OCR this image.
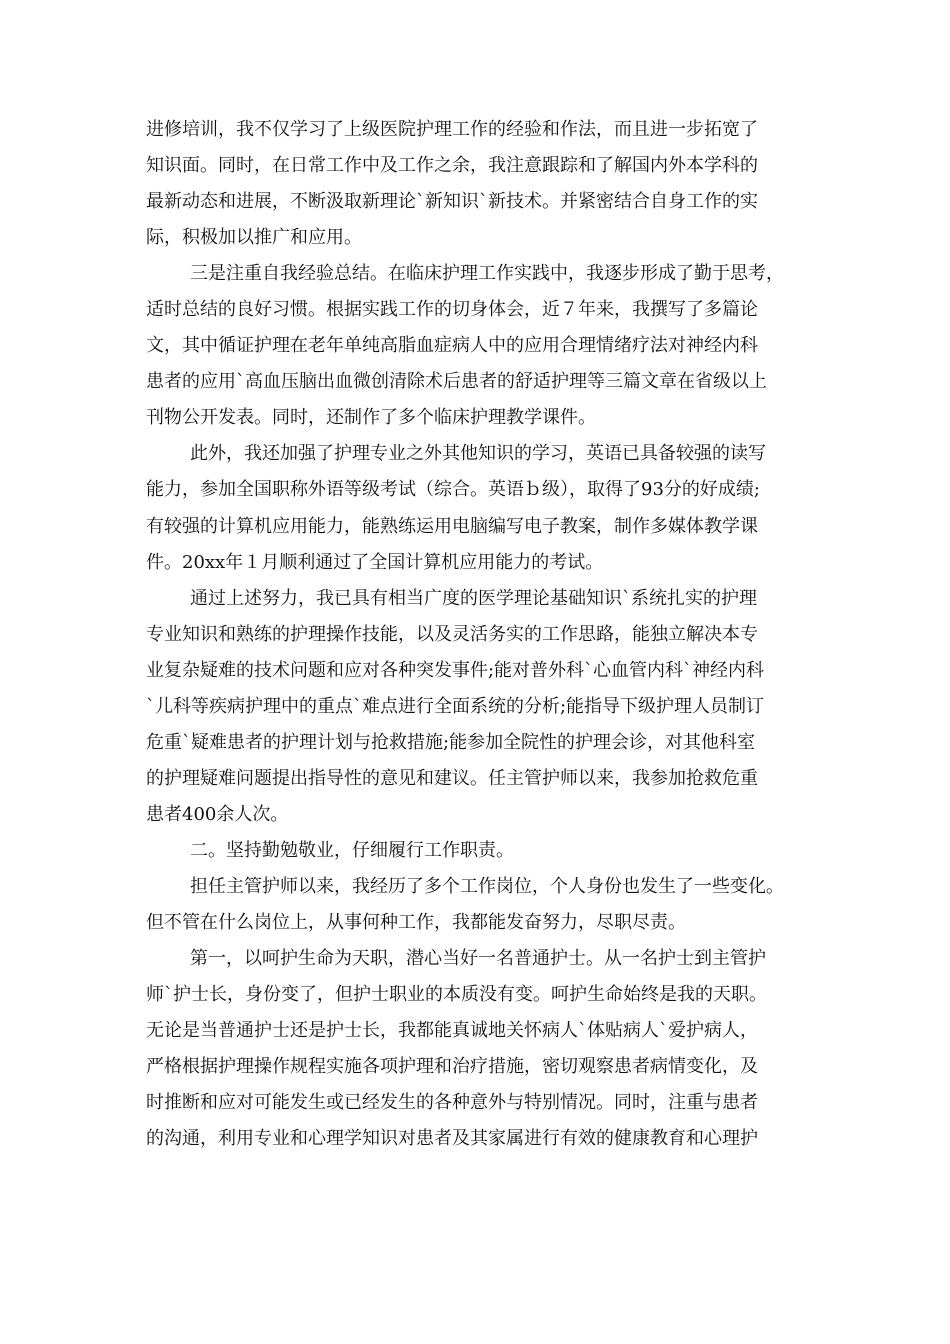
进修培训，我不仅学习了上级医院护理工作的经验和作法，而且进一步拓宽了
知识面。同时，在日常工作中及工作之余，我注意跟踪和了解国内外本学科的
最新动态和进展，不断汲取新理论`新知识`新技术。并紧密结合自身工作的实
际，积极加以推广和应用。
三是注重自我经验总结。在临床护理工作实践中，我逐步形成了勤于思考，
适时总结的良好习惯。根据实践工作的切身体会，近７年来，我撰写了多篇论
文，其中循证护理在老年单纯高脂血症病人中的应用合理情绪疗法对神经内科
患者的应用`高血压脑出血微创清除术后患者的舒适护理等三篇文章在省级以上
刊物公开发表。同时，还制作了多个临床护理教学课件。
此外，我还加强了护理专业之外其他知识的学习，英语已具备较强的读写
能力，参加全国职称外语等级考试（综合。英语ｂ级），取得了93分的好成绩;
有较强的计算机应用能力，能熟练运用电脑编写电子教案，制作多媒体教学课
件。20xx年１月顺利通过了全国计算机应用能力的考试。
通过上述努力，我已具有相当广度的医学理论基础知识`系统扎实的护理
专业知识和熟练的护理操作技能，以及灵活务实的工作思路，能独立解决本专
业复杂疑难的技术问题和应对各种突发事件;能对普外科`心血管内科`神经内科
`儿科等疾病护理中的重点`难点进行全面系统的分析;能指导下级护理人员制订
危重`疑难患者的护理计划与抢救措施;能参加全院性的护理会诊，对其他科室
的护理疑难问题提出指导性的意见和建议。任主管护师以来，我参加抢救危重
患者400余人次。
二。坚持勤勉敬业，仔细履行工作职责。
担任主管护师以来，我经历了多个工作岗位，个人身份也发生了一些变化。
但不管在什么岗位上，从事何种工作，我都能发奋努力，尽职尽责。
第一，以呵护生命为天职，潜心当好一名普通护士。从一名护士到主管护
师`护士长，身份变了，但护士职业的本质没有变。呵护生命始终是我的天职。
无论是当普通护士还是护士长，我都能真诚地关怀病人`体贴病人`爱护病人，
严格根据护理操作规程实施各项护理和治疗措施，密切观察患者病情变化，及
时推断和应对可能发生或已经发生的各种意外与特别情况。同时，注重与患者
的沟通，利用专业和心理学知识对患者及其家属进行有效的健康教育和心理护
